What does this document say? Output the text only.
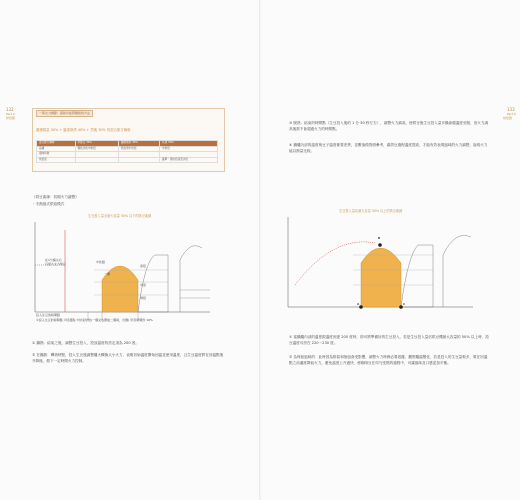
132
Part 2
烘焙篇
一般火力調節：蓄熱功能與聚熱的方法
蓄積熱量 30% + 盧維斯烘 40% + 然後 30% 的混合配方咖啡
混合配方咖啡	季節豆 30%	盧維斯烘 40%	其他 30%
品種	藝妓水洗中烘焙	奶泡青中烘焙	中烘焙
風味特徵			
烘焙度			蓋單・黑烘焙深煎水洗
《烘豆曲線：初期火力調整》
・半熱風式烘焙模式
生豆投入量全最大容量 50% 以下的烘豆曲線
在1分鐘左右
以最大火力烘豆	中性點
一爆
深焙
中度
淺焙
投入生豆的時間點
①投入生豆的時間點 ②回溫點 ③結束烘焙(一爆完成開始二爆時，出鍋) 所需時間約 10%
① 鍋熱：結束之後，調整生豆投入，投放溫度的設定須為 200 度。
② 在鍋熱：轉到時點，投入生豆後調整爐火轉換大小火力，表明初始溫度開始回溫並使用溫度，且生豆溫度將在回溫點後升降後，做下一定時間火力控制。
133
Part 2
烘焙篇
③ 脫熟：結束的時間點（生豆投入後約 1 分 30 秒左右），調整火力調高，使烘豆後生豆投入量多鍋會隨溫度至脫，但火力調高後需不會超過火力的時間點。
④ 鍋爐內部的溫度與豆子溫度都要差異，並數值做對照參考，讓烘豆過程溫度提高，才能有效表現風味的火力調整，說明火力能以熱量比較。
生豆投入量佔最大容量 50% 以上的烘豆曲線
A
B
C
① 當鍋爐內部的溫度跟溫度到達 200 度時，即可將準備好的生豆投入，若是生豆投入量佔烘豆機最大容量的 50% 以上時，投豆溫度可設在 220～230 度。
② 為保留風味的：此時因為排氣和抽風會受影響，調整火力時務必要看盤，觀察爐溫變化，若是投入的生豆量較多，要在回溫點之前適度降低火力，避免溫度上升過快，使咖啡豆在均勻受熱的過程中，可讓風味及口感更加平衡。
